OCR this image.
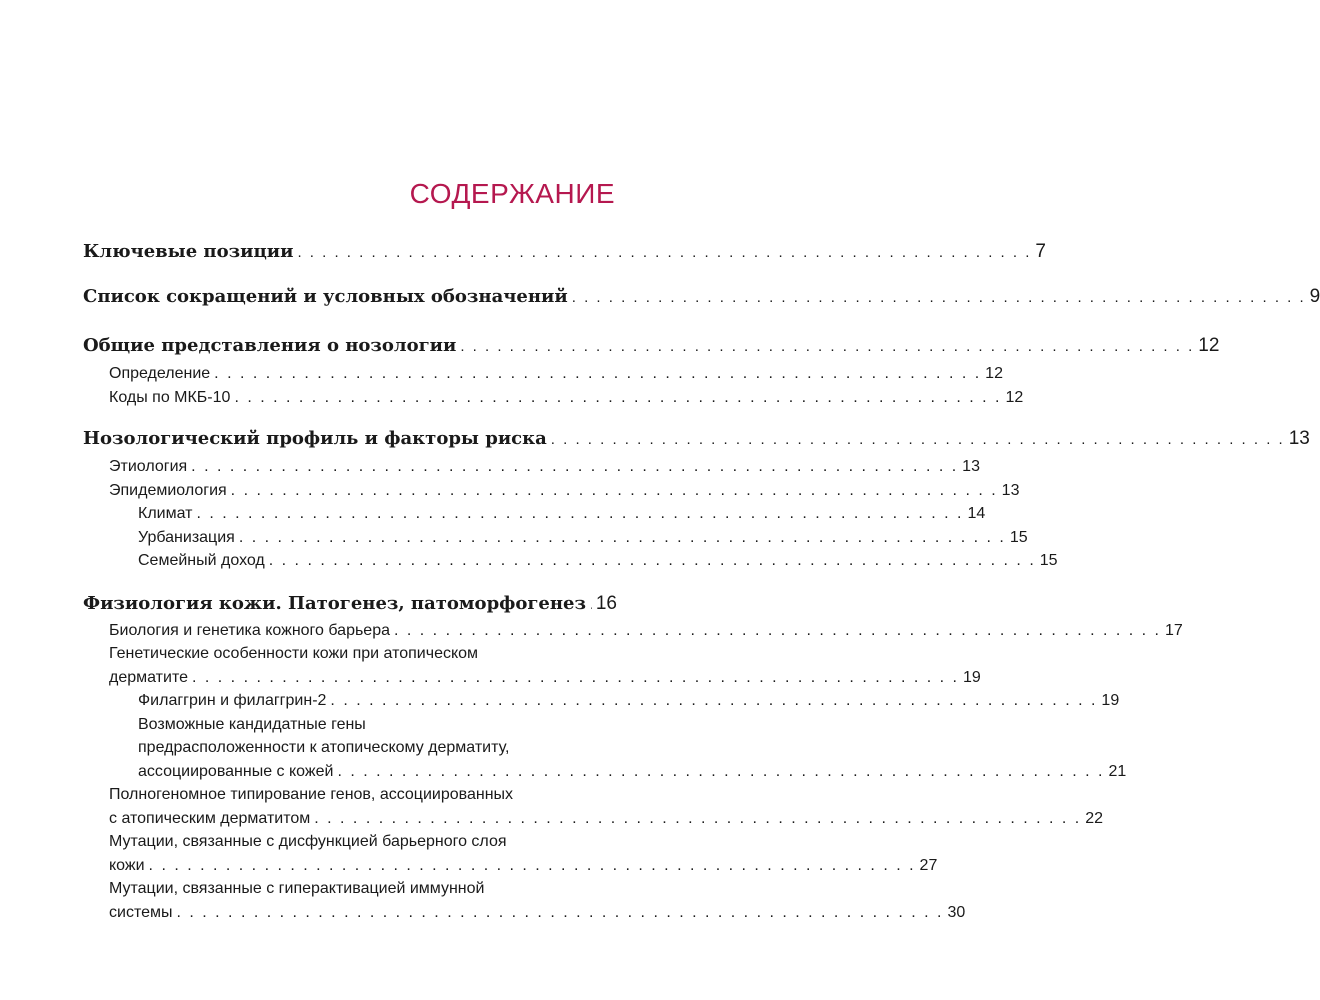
СОДЕРЖАНИЕ
Ключевые позиции . . . . . . . . . . . . . . . . . . . . . . . . . . . . . . . . . . . . . . . . . . . . . . . . . . . . . . . . . . . . 7
Список сокращений и условных обозначений . . . . . . . . . . . . . . . . . . . . . . . . . . . . . . . . . . . . . . . . . . . . . . . . . . . . . . . . . . . . 9
Общие представления о нозологии . . . . . . . . . . . . . . . . . . . . . . . . . . . . . . . . . . . . . . . . . . . . . . . . . . . . . . . . . . . . 12
Определение . . . . . . . . . . . . . . . . . . . . . . . . . . . . . . . . . . . . . . . . . . . . . . . . . . . . . . . . . . . . 12
Коды по МКБ-10 . . . . . . . . . . . . . . . . . . . . . . . . . . . . . . . . . . . . . . . . . . . . . . . . . . . . . . . . . . . . 12
Нозологический профиль и факторы риска . . . . . . . . . . . . . . . . . . . . . . . . . . . . . . . . . . . . . . . . . . . . . . . . . . . . . . . . . . . . 13
Этиология . . . . . . . . . . . . . . . . . . . . . . . . . . . . . . . . . . . . . . . . . . . . . . . . . . . . . . . . . . . . 13
Эпидемиология . . . . . . . . . . . . . . . . . . . . . . . . . . . . . . . . . . . . . . . . . . . . . . . . . . . . . . . . . . . . 13
Климат . . . . . . . . . . . . . . . . . . . . . . . . . . . . . . . . . . . . . . . . . . . . . . . . . . . . . . . . . . . . 14
Урбанизация . . . . . . . . . . . . . . . . . . . . . . . . . . . . . . . . . . . . . . . . . . . . . . . . . . . . . . . . . . . . 15
Семейный доход . . . . . . . . . . . . . . . . . . . . . . . . . . . . . . . . . . . . . . . . . . . . . . . . . . . . . . . . . . . . 15
Физиология кожи. Патогенез, патоморфогенез 16
Биология и генетика кожного барьера . . . . . . . . . . . . . . . . . . . . . . . . . . . . . . . . . . . . . . . . . . . . . . . . . . . . . . . . . . . . 17
Генетические особенности кожи при атопическом
дерматите . . . . . . . . . . . . . . . . . . . . . . . . . . . . . . . . . . . . . . . . . . . . . . . . . . . . . . . . . . . . 19
Филаггрин и филаггрин-2 . . . . . . . . . . . . . . . . . . . . . . . . . . . . . . . . . . . . . . . . . . . . . . . . . . . . . . . . . . . . 19
Возможные кандидатные гены
предрасположенности к атопическому дерматиту,
ассоциированные с кожей . . . . . . . . . . . . . . . . . . . . . . . . . . . . . . . . . . . . . . . . . . . . . . . . . . . . . . . . . . . . 21
Полногеномное типирование генов, ассоциированных
с атопическим дерматитом . . . . . . . . . . . . . . . . . . . . . . . . . . . . . . . . . . . . . . . . . . . . . . . . . . . . . . . . . . . . 22
Мутации, связанные с дисфункцией барьерного слоя
кожи . . . . . . . . . . . . . . . . . . . . . . . . . . . . . . . . . . . . . . . . . . . . . . . . . . . . . . . . . . . . 27
Мутации, связанные с гиперактивацией иммунной
системы . . . . . . . . . . . . . . . . . . . . . . . . . . . . . . . . . . . . . . . . . . . . . . . . . . . . . . . . . . . . 30
